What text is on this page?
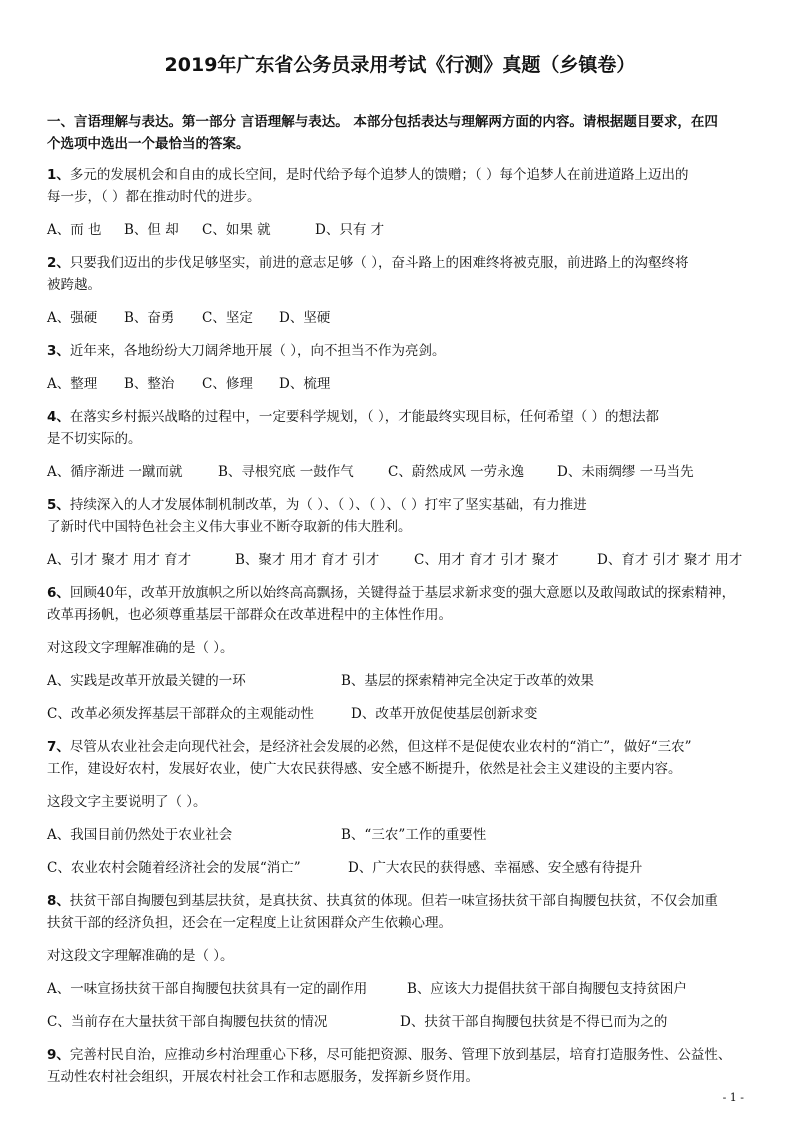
2019年广东省公务员录用考试《行测》真题（乡镇卷）
一、言语理解与表达。第一部分 言语理解与表达。 本部分包括表达与理解两方面的内容。请根据题目要求，在四
个选项中选出一个最恰当的答案。
1、多元的发展机会和自由的成长空间，是时代给予每个追梦人的馈赠；（ ）每个追梦人在前进道路上迈出的
每一步，（ ）都在推动时代的进步。
A、而 也 B、但 却 C、如果 就	D、只有 才
2、只要我们迈出的步伐足够坚实，前进的意志足够（ ），奋斗路上的困难终将被克服，前进路上的沟壑终将
被跨越。
A、强硬 B、奋勇 C、坚定 D、坚硬
3、近年来，各地纷纷大刀阔斧地开展（ ），向不担当不作为亮剑。
A、整理 B、整治 C、修理 D、梳理
4、在落实乡村振兴战略的过程中，一定要科学规划，（ ），才能最终实现目标，任何希望（ ）的想法都
是不切实际的。
A、循序渐进 一蹴而就	B、寻根究底 一鼓作气	C、蔚然成风 一劳永逸 D、未雨绸缪 一马当先
5、持续深入的人才发展体制机制改革，为（ ）、（ ）、（ ）、（ ）打牢了坚实基础，有力推进
了新时代中国特色社会主义伟大事业不断夺取新的伟大胜利。
A、引才 聚才 用才 育才	B、聚才 用才 育才 引才	C、用才 育才 引才 聚才	D、育才 引才 聚才 用才
6、回顾40年，改革开放旗帜之所以始终高高飘扬，关键得益于基层求新求变的强大意愿以及敢闯敢试的探索精神，
改革再扬帆，也必须尊重基层干部群众在改革进程中的主体性作用。
对这段文字理解准确的是（ ）。
A、实践是改革开放最关键的一环	B、基层的探索精神完全决定于改革的效果
C、改革必须发挥基层干部群众的主观能动性	D、改革开放促使基层创新求变
7、尽管从农业社会走向现代社会，是经济社会发展的必然，但这样不是促使农业农村的“消亡”，做好“三农”
工作，建设好农村，发展好农业，使广大农民获得感、安全感不断提升，依然是社会主义建设的主要内容。
这段文字主要说明了（ ）。
A、我国目前仍然处于农业社会	B、“三农”工作的重要性
C、农业农村会随着经济社会的发展“消亡”	D、广大农民的获得感、幸福感、安全感有待提升
8、扶贫干部自掏腰包到基层扶贫，是真扶贫、扶真贫的体现。但若一味宣扬扶贫干部自掏腰包扶贫，不仅会加重
扶贫干部的经济负担，还会在一定程度上让贫困群众产生依赖心理。
对这段文字理解准确的是（ ）。
A、一味宣扬扶贫干部自掏腰包扶贫具有一定的副作用	B、应该大力提倡扶贫干部自掏腰包支持贫困户
C、当前存在大量扶贫干部自掏腰包扶贫的情况	D、扶贫干部自掏腰包扶贫是不得已而为之的
9、完善村民自治，应推动乡村治理重心下移，尽可能把资源、服务、管理下放到基层，培育打造服务性、公益性、
互动性农村社会组织，开展农村社会工作和志愿服务，发挥新乡贤作用。
- 1 -
